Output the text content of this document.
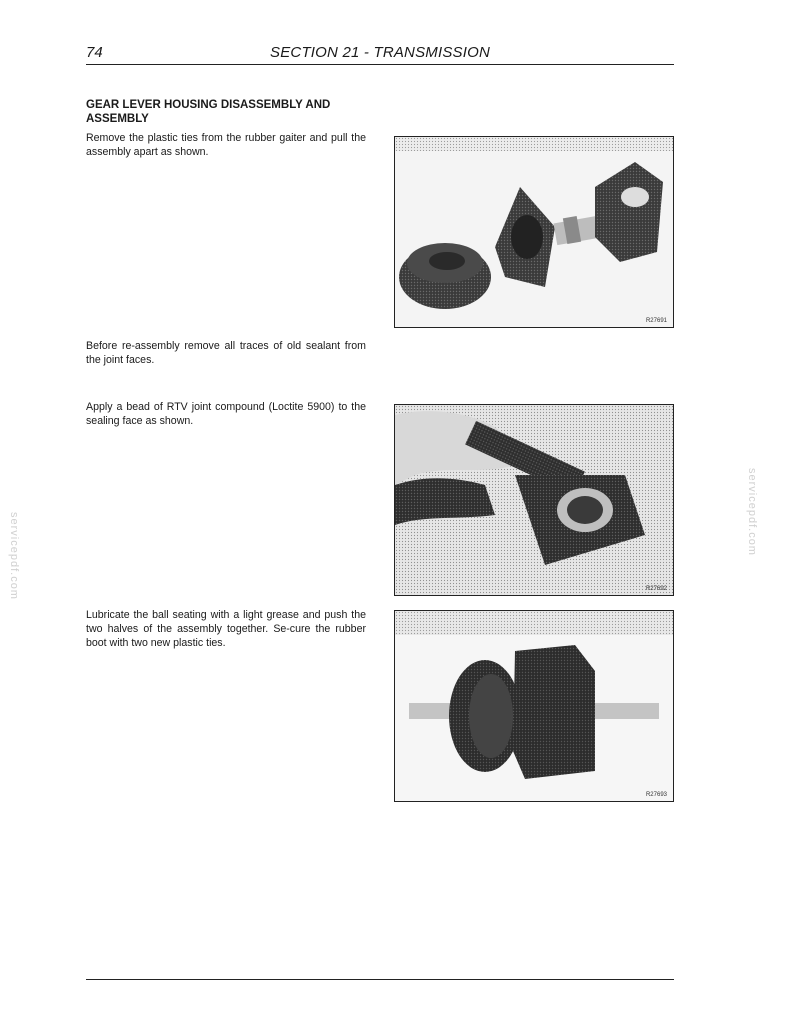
74	SECTION 21 - TRANSMISSION
GEAR LEVER HOUSING DISASSEMBLY AND ASSEMBLY
Remove the plastic ties from the rubber gaiter and pull the assembly apart as shown.
Before re-assembly remove all traces of old sealant from the joint faces.
Apply a bead of RTV joint compound (Loctite 5900) to the sealing face as shown.
Lubricate the ball seating with a light grease and push the two halves of the assembly together. Se-cure the rubber boot with two new plastic ties.
R27691
R27692
R27693
servicepdf.com
servicepdf.com
